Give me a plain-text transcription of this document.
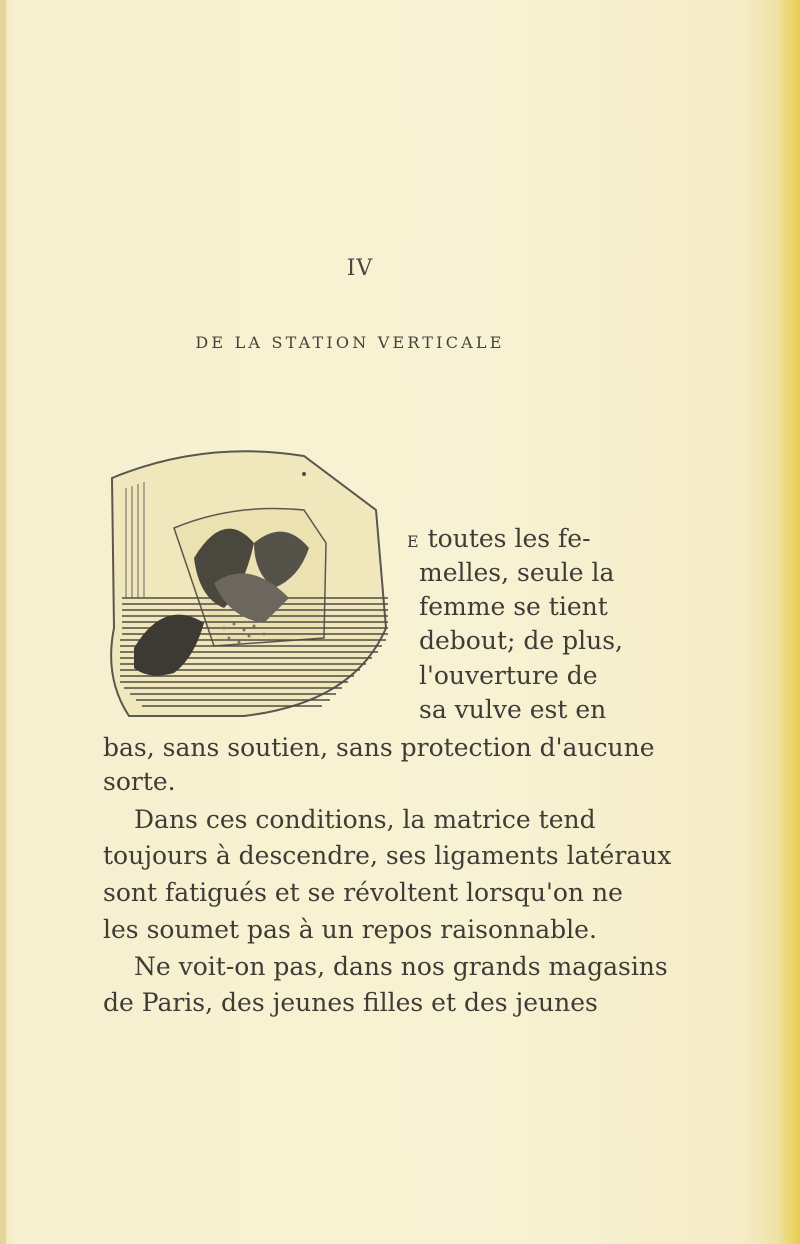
IV
DE LA STATION VERTICALE
E toutes les fe-
melles, seule la
femme se tient
debout; de plus,
l'ouverture de
sa vulve est en
bas, sans soutien, sans protection d'aucune
sorte.
Dans ces conditions, la matrice tend
toujours à descendre, ses ligaments latéraux
sont fatigués et se révoltent lorsqu'on ne
les soumet pas à un repos raisonnable.
Ne voit-on pas, dans nos grands magasins
de Paris, des jeunes filles et des jeunes
